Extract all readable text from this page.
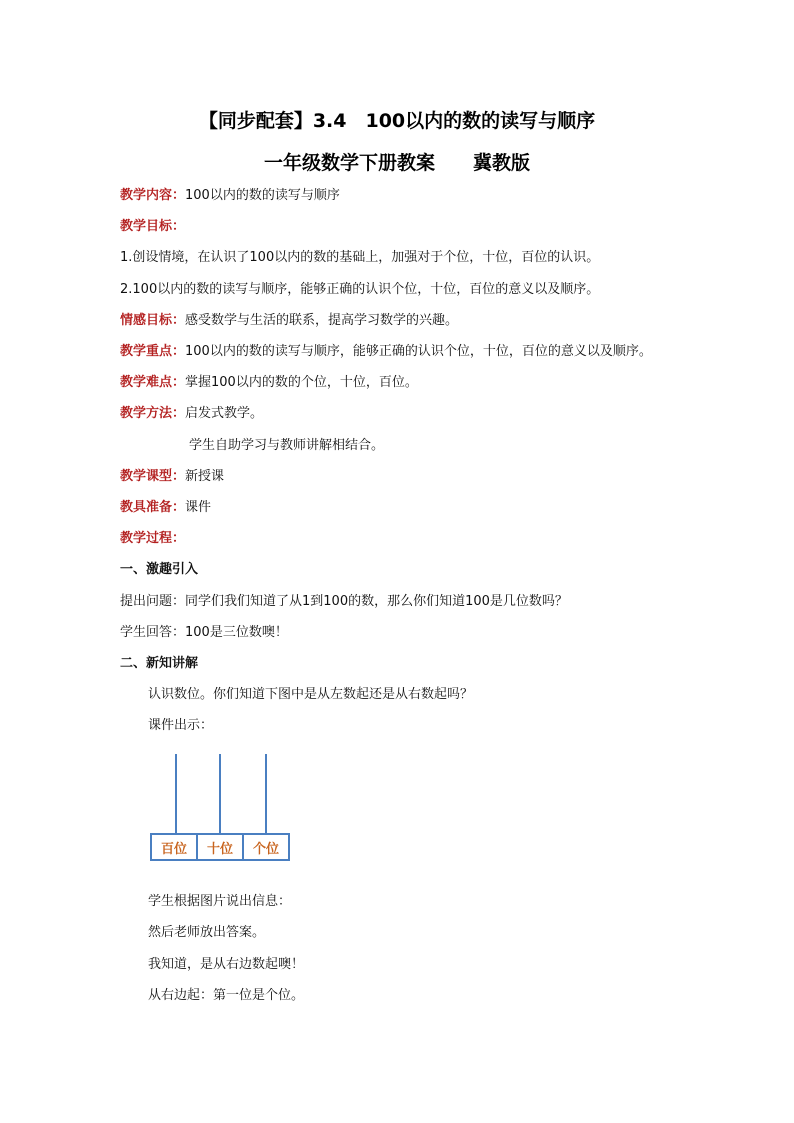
【同步配套】3.4　100以内的数的读写与顺序
一年级数学下册教案　　冀教版
教学内容：100以内的数的读写与顺序
教学目标：
1.创设情境，在认识了100以内的数的基础上，加强对于个位，十位，百位的认识。
2.100以内的数的读写与顺序，能够正确的认识个位，十位，百位的意义以及顺序。
情感目标：感受数学与生活的联系，提高学习数学的兴趣。
教学重点：100以内的数的读写与顺序，能够正确的认识个位，十位，百位的意义以及顺序。
教学难点：掌握100以内的数的个位，十位，百位。
教学方法：启发式教学。
学生自助学习与教师讲解相结合。
教学课型：新授课
教具准备：课件
教学过程：
一、激趣引入
提出问题：同学们我们知道了从1到100的数，那么你们知道100是几位数吗？
学生回答：100是三位数噢！
二、新知讲解
认识数位。你们知道下图中是从左数起还是从右数起吗？
课件出示：
百位 十位 个位
学生根据图片说出信息：
然后老师放出答案。
我知道，是从右边数起噢！
从右边起：第一位是个位。
